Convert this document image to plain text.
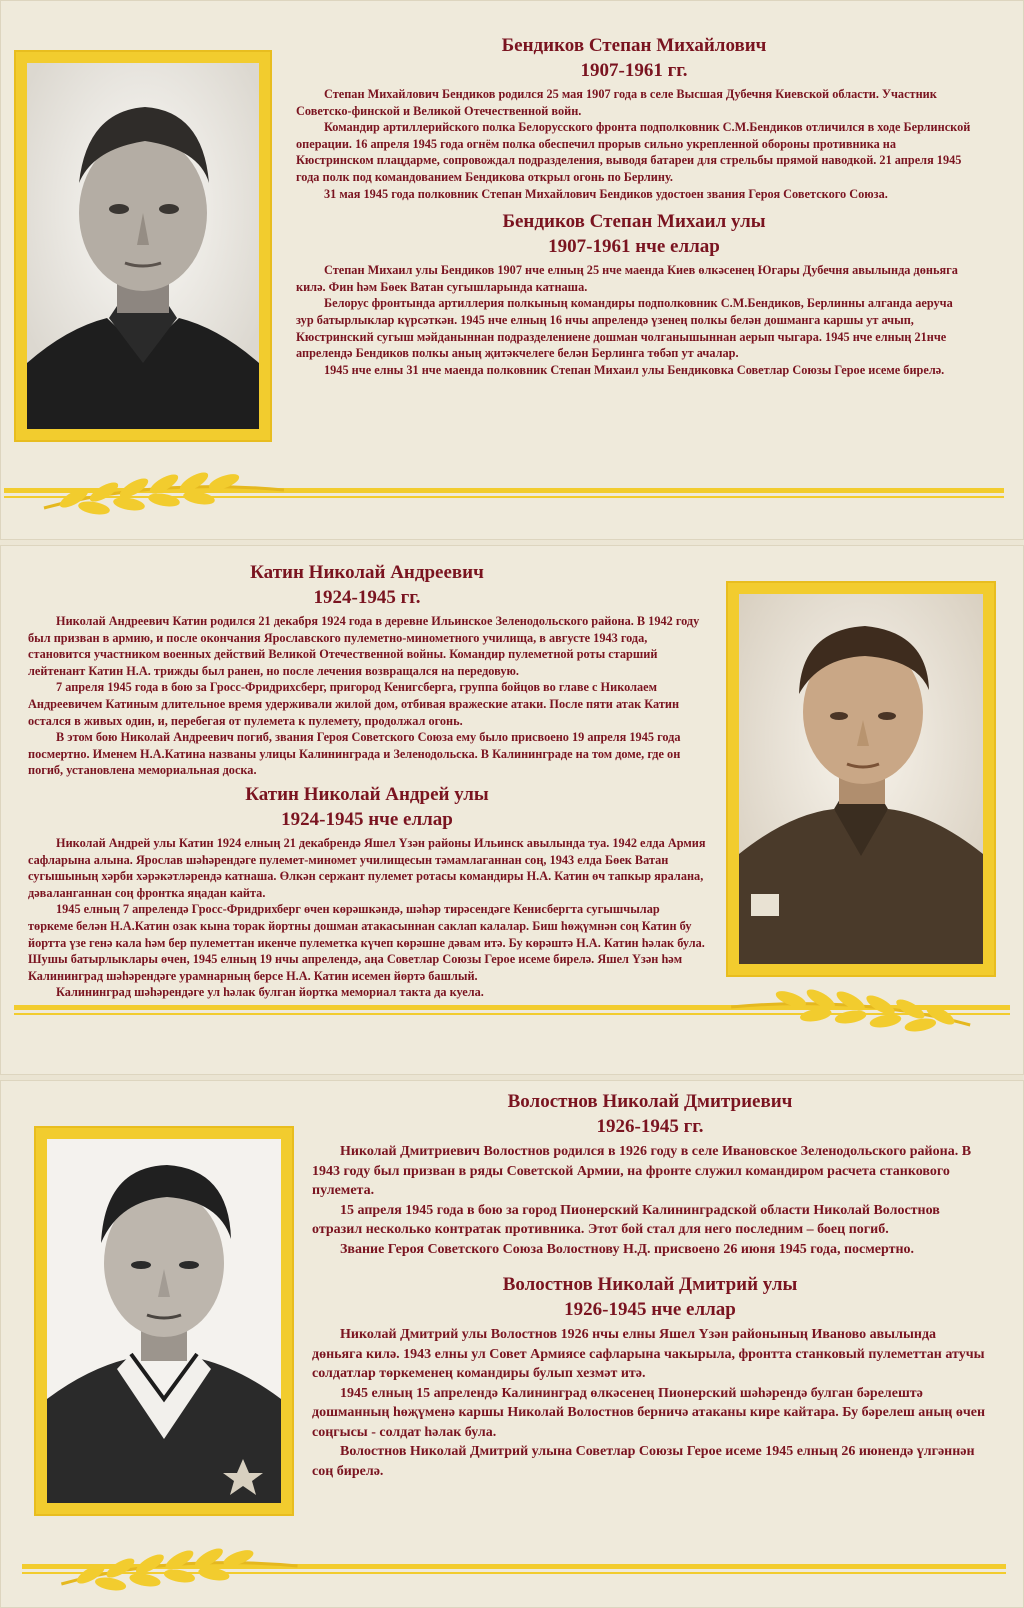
Бендиков Степан Михайлович

1907-1961 гг.

Степан Михайлович Бендиков родился 25 мая 1907 года в селе Высшая Дубечня Киевской области. Участник Советско-финской и Великой Отечественной войн.

Командир артиллерийского полка Белорусского фронта подполковник С.М.Бендиков отличился в ходе Берлинской операции. 16 апреля 1945 года огнём полка обеспечил прорыв сильно укрепленной обороны противника на Кюстринском плацдарме, сопровождал подразделения, выводя батареи для стрельбы прямой наводкой. 21 апреля 1945 года полк под командованием Бендикова открыл огонь по Берлину.

31 мая 1945 года полковник Степан Михайлович Бендиков удостоен звания Героя Советского Союза.

Бендиков Степан Михаил улы

1907-1961 нче еллар

Степан Михаил улы Бендиков 1907 нче елның 25 нче маенда Киев өлкәсенең Югары Дубечня авылында дөньяга килә. Фин һәм Бөек Ватан сугышларында катнаша.

Белорус фронтында артиллерия полкының командиры подполковник С.М.Бендиков, Берлинны алганда аеруча зур батырлыклар күрсәткән. 1945 нче елның 16 нчы апрелендә үзенең полкы белән дошманга каршы ут ачып, Кюстринский сугыш мәйданыннан подразделениене дошман чолганышыннан аерып чыгара. 1945 нче елның 21нче апрелендә Бендиков полкы аның җитәкчелеге белән Берлинга төбәп ут ачалар.

1945 нче елны 31 нче маенда полковник Степан Михаил улы Бендиковка Советлар Союзы Герое исеме бирелә.

Катин Николай Андреевич

1924-1945 гг.

Николай Андреевич Катин родился 21 декабря 1924 года в деревне Ильинское Зеленодольского района. В 1942 году был призван в армию, и после окончания Ярославского пулеметно-минометного училища, в августе 1943 года, становится участником военных действий Великой Отечественной войны. Командир пулеметной роты старший лейтенант Катин Н.А. трижды был ранен, но после лечения возвращался на передовую.

7 апреля 1945 года в бою за Гросс-Фридрихсберг, пригород Кенигсберга, группа бойцов во главе с Николаем Андреевичем Катиным длительное время удерживали жилой дом, отбивая вражеские атаки. После пяти атак Катин остался в живых один, и, перебегая от пулемета к пулемету, продолжал огонь.

В этом бою Николай Андреевич погиб, звания Героя Советского Союза ему было присвоено 19 апреля 1945 года посмертно. Именем Н.А.Катина названы улицы Калининграда и Зеленодольска. В Калининграде на том доме, где он погиб, установлена мемориальная доска.

Катин Николай Андрей улы

1924-1945 нче еллар

Николай Андрей улы Катин 1924 елның 21 декабрендә Яшел Үзән районы Ильинск авылында туа. 1942 елда Армия сафларына алына. Ярослав шәһәрендәге пулемет-миномет училищесын тәмамлаганнан соң, 1943 елда Бөек Ватан сугышының хәрби хәрәкәтләрендә катнаша. Өлкән сержант пулемет ротасы командиры Н.А. Катин өч тапкыр яралана, дәваланганнан соң фронтка яңадан кайта.

1945 елның 7 апрелендә Гросс-Фридрихберг өчен көрәшкәндә, шәһәр тирәсендәге Кенисбергта сугышчылар төркеме белән Н.А.Катин озак кына торак йортны дошман атакасыннан саклап калалар. Биш һөҗүмнән соң Катин бу йортта үзе генә кала һәм бер пулеметтан икенче пулеметка күчеп көрәшне дәвам итә. Бу көрәштә Н.А. Катин һәлак була. Шушы батырлыклары өчен, 1945 елның 19 нчы апрелендә, аңа Советлар Союзы Герое исеме бирелә. Яшел Үзән һәм Калининград шәһәрендәге урамнарның берсе Н.А. Катин исемен йөртә башлый.

Калининград шәһәрендәге ул һәлак булган йортка мемориал такта да куела.

Волостнов Николай Дмитриевич

1926-1945 гг.

Николай Дмитриевич Волостнов родился в 1926 году в селе Ивановское Зеленодольского района. В 1943 году был призван в ряды Советской Армии, на фронте служил командиром расчета станкового пулемета.

15 апреля 1945 года в бою за город Пионерский Калининградской области Николай Волостнов отразил несколько контратак противника. Этот бой стал для него последним – боец погиб.

Звание Героя Советского Союза Волостнову Н.Д. присвоено 26 июня 1945 года, посмертно.

Волостнов Николай Дмитрий улы

1926-1945 нче еллар

Николай Дмитрий улы Волостнов 1926 нчы елны Яшел Үзән районының Иваново авылында дөньяга килә. 1943 елны ул Совет Армиясе сафларына чакырыла, фронтта станковый пулеметтан атучы солдатлар төркеменең командиры булып хезмәт итә.

1945 елның 15 апрелендә Калининград өлкәсенең Пионерский шәһәрендә булган бәрелештә дошманның һөҗүменә каршы Николай Волостнов берничә атаканы кире кайтара. Бу бәрелеш аның өчен соңгысы - солдат һәлак була.

Волостнов Николай Дмитрий улына Советлар Союзы Герое исеме 1945 елның 26 июнендә үлгәннән соң бирелә.
